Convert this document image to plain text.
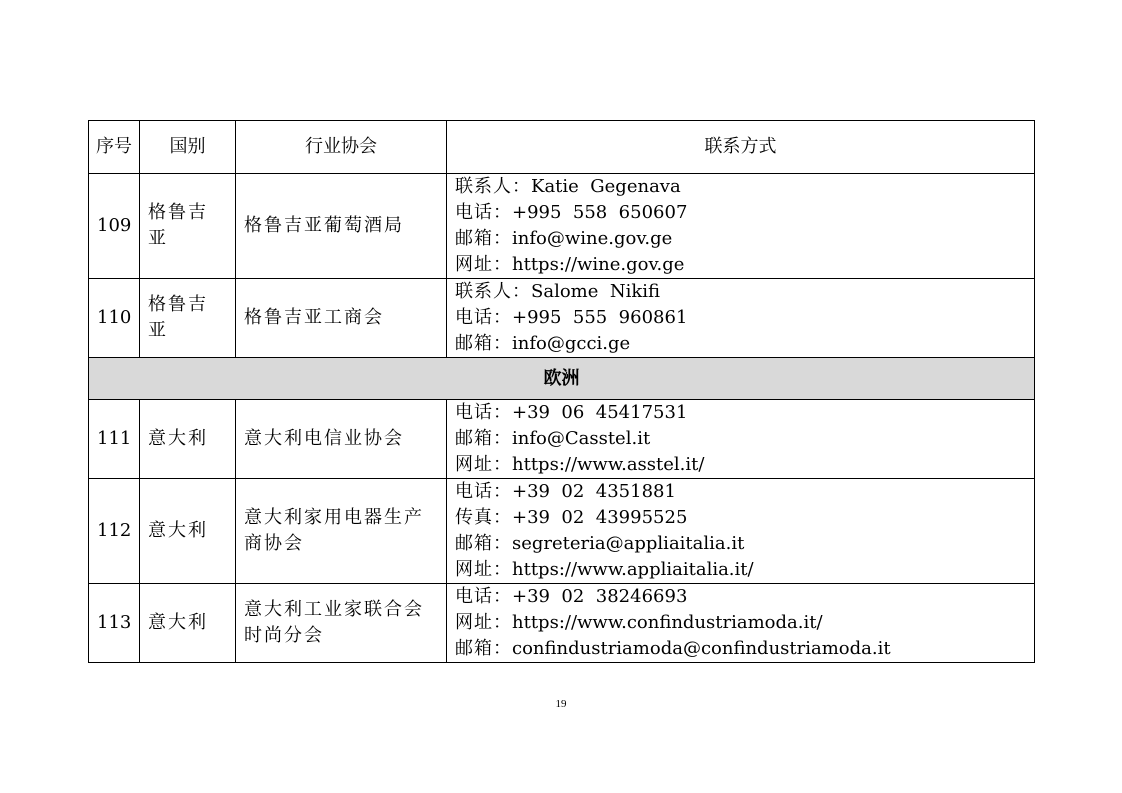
序号	国别	行业协会	联系方式
109	格鲁吉亚	格鲁吉亚葡萄酒局	联系人：Katie  Gegenava
电话：+995  558  650607
邮箱：info@wine.gov.ge
网址：https://wine.gov.ge

110	格鲁吉亚	格鲁吉亚工商会	联系人：Salome  Nikifi
电话：+995  555  960861
邮箱：info@gcci.ge

欧洲			
111	意大利	意大利电信业协会	电话：+39  06  45417531
邮箱：info@Casstel.it
网址：https://www.asstel.it/

112	意大利	意大利家用电器生产商协会	电话：+39  02  4351881
传真：+39  02  43995525
邮箱：segreteria@appliaitalia.it
网址：https://www.appliaitalia.it/

113	意大利	意大利工业家联合会时尚分会	电话：+39  02  38246693
网址：https://www.confindustriamoda.it/
邮箱：confindustriamoda@confindustriamoda.it
19
